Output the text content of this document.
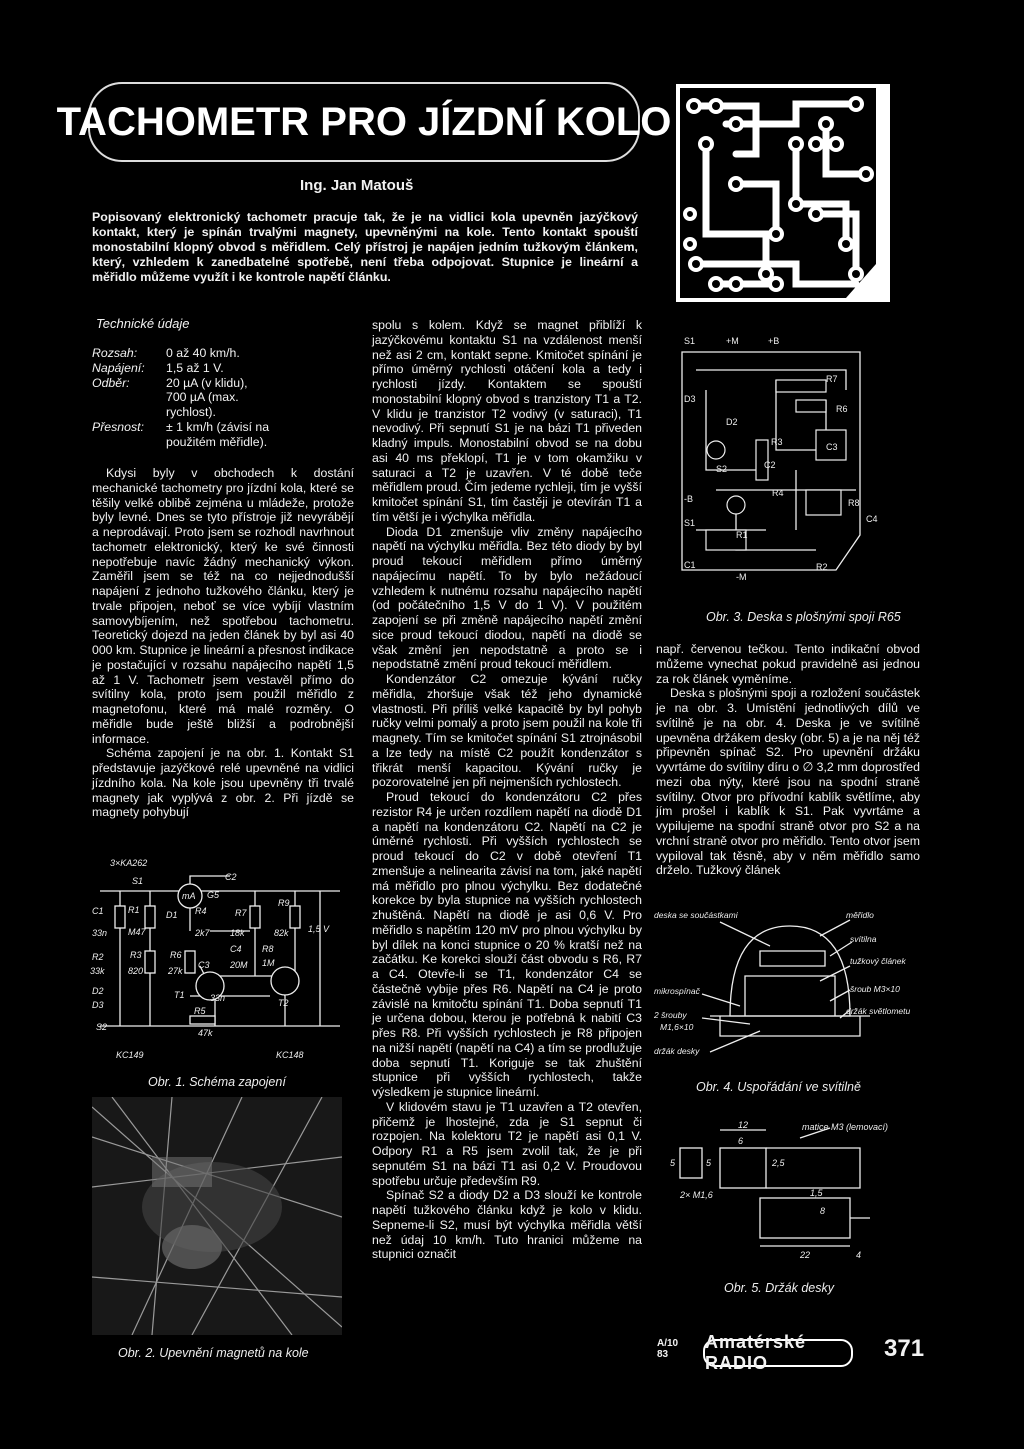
TACHOMETR PRO JÍZDNÍ KOLO
Ing. Jan Matouš

Popisovaný elektronický tachometr pracuje tak, že je na vidlici kola upevněn jazýčkový kontakt, který je spínán trvalými magnety, upevněnými na kole. Tento kontakt spouští monostabilní klopný obvod s měřidlem. Celý přístroj je napájen jedním tužkovým článkem, který, vzhledem k zanedbatelné spotřebě, není třeba odpojovat. Stupnice je lineární a měřidlo můžeme využít i ke kontrole napětí článku.

Technické údaje
Rozsah:	0 až 40 km/h.
Napájení:	1,5 až 1 V.
Odběr:	20 µA (v klidu),
	700 µA (max. rychlost).
Přesnost:	± 1 km/h (závisí na použitém měřidle).

Kdysi byly v obchodech k dostání mechanické tachometry pro jízdní kola, které se těšily velké oblibě zejména u mládeže, protože byly levné. Dnes se tyto přístroje již nevyrábějí a neprodávají. Proto jsem se rozhodl navrhnout tachometr elektronický, který ke své činnosti nepotřebuje navíc žádný mechanický výkon. Zaměřil jsem se též na co nejjednodušší napájení z jednoho tužkového článku, který je trvale připojen, neboť se více vybíjí vlastním samovybíjením, než spotřebou tachometru. Teoretický dojezd na jeden článek by byl asi 40 000 km. Stupnice je lineární a přesnost indikace je postačující v rozsahu napájecího napětí 1,5 až 1 V. Tachometr jsem vestavěl přímo do svítilny kola, proto jsem použil měřidlo z magnetofonu, které má malé rozměry. O měřidle bude ještě bližší a podrobnější informace.

Schéma zapojení je na obr. 1. Kontakt S1 představuje jazýčkové relé upevněné na vidlici jízdního kola. Na kole jsou upevněny tři trvalé magnety jak vyplývá z obr. 2. Při jízdě se magnety pohybují

3×KA262
S1
C1
33n
R1
M47
D1
mA
R4
2k7
R7
18k
R9
82k 1,5 V
C2
G5
R2
33k
R3
820
R6
27k
C3
33n
C4
20M
R8
1M
T1
T2
R5
47k
D2
D3
S2
KC149	KC148
Obr. 1. Schéma zapojení
Obr. 2. Upevnění magnetů na kole

spolu s kolem. Když se magnet přiblíží k jazýčkovému kontaktu S1 na vzdálenost menší než asi 2 cm, kontakt sepne. Kmitočet spínání je přímo úměrný rychlosti otáčení kola a tedy i rychlosti jízdy. Kontaktem se spouští monostabilní klopný obvod s tranzistory T1 a T2. V klidu je tranzistor T2 vodivý (v saturaci), T1 nevodivý. Při sepnutí S1 je na bázi T1 přiveden kladný impuls. Monostabilní obvod se na dobu asi 40 ms překlopí, T1 je v tom okamžiku v saturaci a T2 je uzavřen. V té době teče měřidlem proud. Čím jedeme rychleji, tím je vyšší kmitočet spínání S1, tím častěji je otevírán T1 a tím větší je i výchylka měřidla.

Dioda D1 zmenšuje vliv změny napájecího napětí na výchylku měřidla. Bez této diody by byl proud tekoucí měřidlem přímo úměrný napájecímu napětí. To by bylo nežádoucí vzhledem k nutnému rozsahu napájecího napětí (od počátečního 1,5 V do 1 V). V použitém zapojení se při změně napájecího napětí změní sice proud tekoucí diodou, napětí na diodě se však změní jen nepodstatně a proto se i nepodstatně změní proud tekoucí měřidlem.

Kondenzátor C2 omezuje kývání ručky měřidla, zhoršuje však též jeho dynamické vlastnosti. Při příliš velké kapacitě by byl pohyb ručky velmi pomalý a proto jsem použil na kole tři magnety. Tím se kmitočet spínání S1 ztrojnásobil a lze tedy na místě C2 použít kondenzátor s třikrát menší kapacitou. Kývání ručky je pozorovatelné jen při nejmenších rychlostech.

Proud tekoucí do kondenzátoru C2 přes rezistor R4 je určen rozdílem napětí na diodě D1 a napětí na kondenzátoru C2. Napětí na C2 je úměrné rychlosti. Při vyšších rychlostech se proud tekoucí do C2 v době otevření T1 zmenšuje a nelinearita závisí na tom, jaké napětí má měřidlo pro plnou výchylku. Bez dodatečné korekce by byla stupnice na vyšších rychlostech zhuštěná. Napětí na diodě je asi 0,6 V. Pro měřidlo s napětím 120 mV pro plnou výchylku by byl dílek na konci stupnice o 20 % kratší než na začátku. Ke korekci slouží část obvodu s R6, R7 a C4. Otevře-li se T1, kondenzátor C4 se částečně vybije přes R6. Napětí na C4 je proto závislé na kmitočtu spínání T1. Doba sepnutí T1 je určena dobou, kterou je potřebná k nabití C3 přes R8. Při vyšších rychlostech je R8 připojen na nižší napětí (napětí na C4) a tím se prodlužuje doba sepnutí T1. Koriguje se tak zhuštění stupnice při vyšších rychlostech, takže výsledkem je stupnice lineární.

V klidovém stavu je T1 uzavřen a T2 otevřen, přičemž je lhostejné, zda je S1 sepnut či rozpojen. Na kolektoru T2 je napětí asi 0,1 V. Odpory R1 a R5 jsem zvolil tak, že je při sepnutém S1 na bázi T1 asi 0,2 V. Proudovou spotřebu určuje především R9.

Spínač S2 a diody D2 a D3 slouží ke kontrole napětí tužkového článku když je kolo v klidu. Sepneme-li S2, musí být výchylka měřidla větší než údaj 10 km/h. Tuto hranici můžeme na stupnici označit

S1	+M	+B
R7
D3
R6
D2
R3	C3
S2	C2
-B
R4
R8
S1
R1
C4
C1
-M
R2
Obr. 3. Deska s plošnými spoji R65

např. červenou tečkou. Tento indikační obvod můžeme vynechat pokud pravidelně asi jednou za rok článek vyměníme.

Deska s plošnými spoji a rozložení součástek je na obr. 3. Umístění jednotlivých dílů ve svítilně je na obr. 4. Deska je ve svítilně upevněna držákem desky (obr. 5) a je na něj též připevněn spínač S2. Pro upevnění držáku vyvrtáme do svítilny díru o ∅ 3,2 mm doprostřed mezi oba nýty, které jsou na spodní straně svítilny. Otvor pro přívodní kablík světlíme, aby jím prošel i kablík k S1. Pak vyvrtáme a vypilujeme na spodní straně otvor pro S2 a na vrchní straně otvor pro měřidlo. Tento otvor jsem vypiloval tak těsně, aby v něm měřidlo samo drželo. Tužkový článek

deska se součástkami	měřidlo
svítilna
tužkový článek
mikrospínač	šroub M3×10
2 šrouby
M1,6×10
držák světlometu
držák desky
Obr. 4. Uspořádání ve svítilně
matice M3 (lemovací)
12
6
5	5	2,5
1,5
8
22	4
2× M1,6
Obr. 5. Držák desky
A/10
83
Amatérské RADIO
371
